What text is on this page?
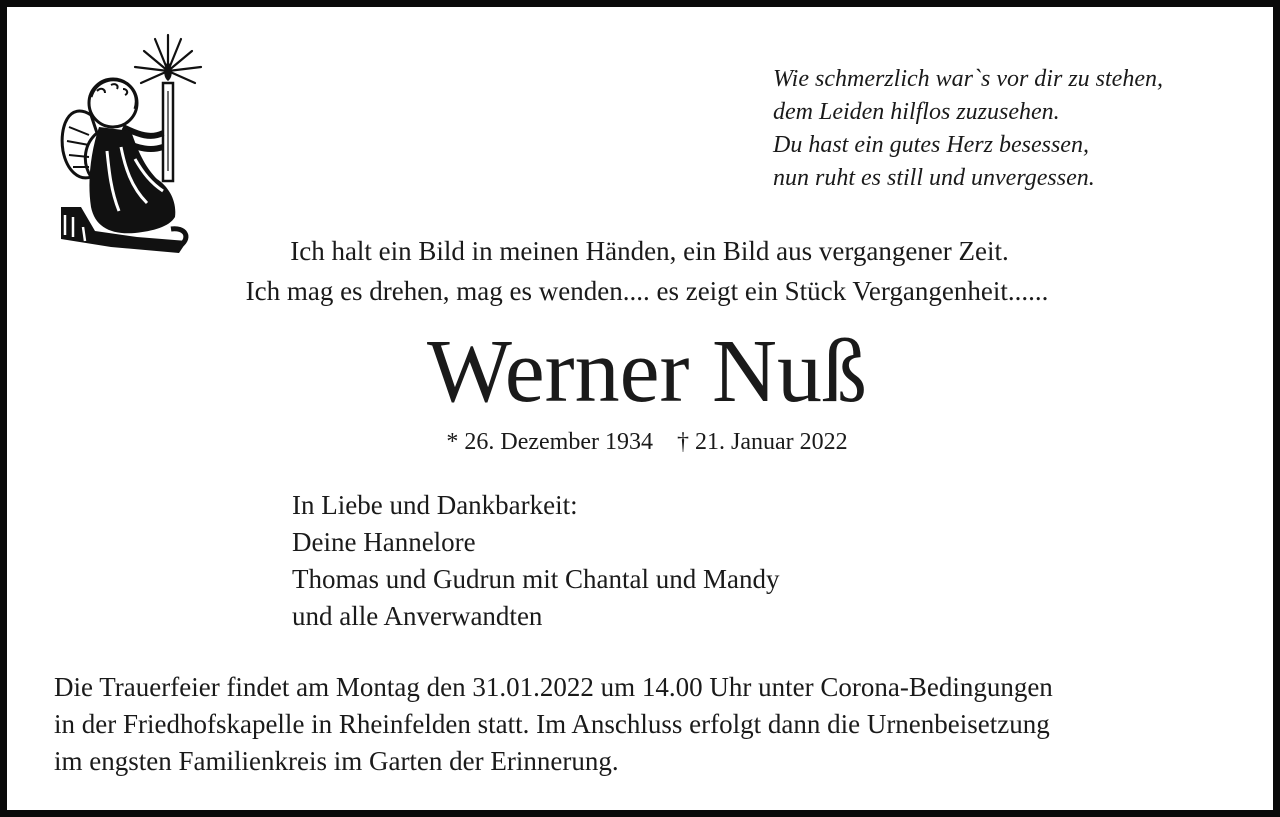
Wie schmerzlich war`s vor dir zu stehen,
dem Leiden hilflos zuzusehen.
Du hast ein gutes Herz besessen,
nun ruht es still und unvergessen.
Ich halt ein Bild in meinen Händen, ein Bild aus vergangener Zeit.
Ich mag es drehen, mag es wenden.... es zeigt ein Stück Vergangenheit......
Werner Nuß
* 26. Dezember 1934 † 21. Januar 2022
In Liebe und Dankbarkeit:
Deine Hannelore
Thomas und Gudrun mit Chantal und Mandy
und alle Anverwandten
Die Trauerfeier findet am Montag den 31.01.2022 um 14.00 Uhr unter Corona-Bedingungen
in der Friedhofskapelle in Rheinfelden statt. Im Anschluss erfolgt dann die Urnenbeisetzung
im engsten Familienkreis im Garten der Erinnerung.
